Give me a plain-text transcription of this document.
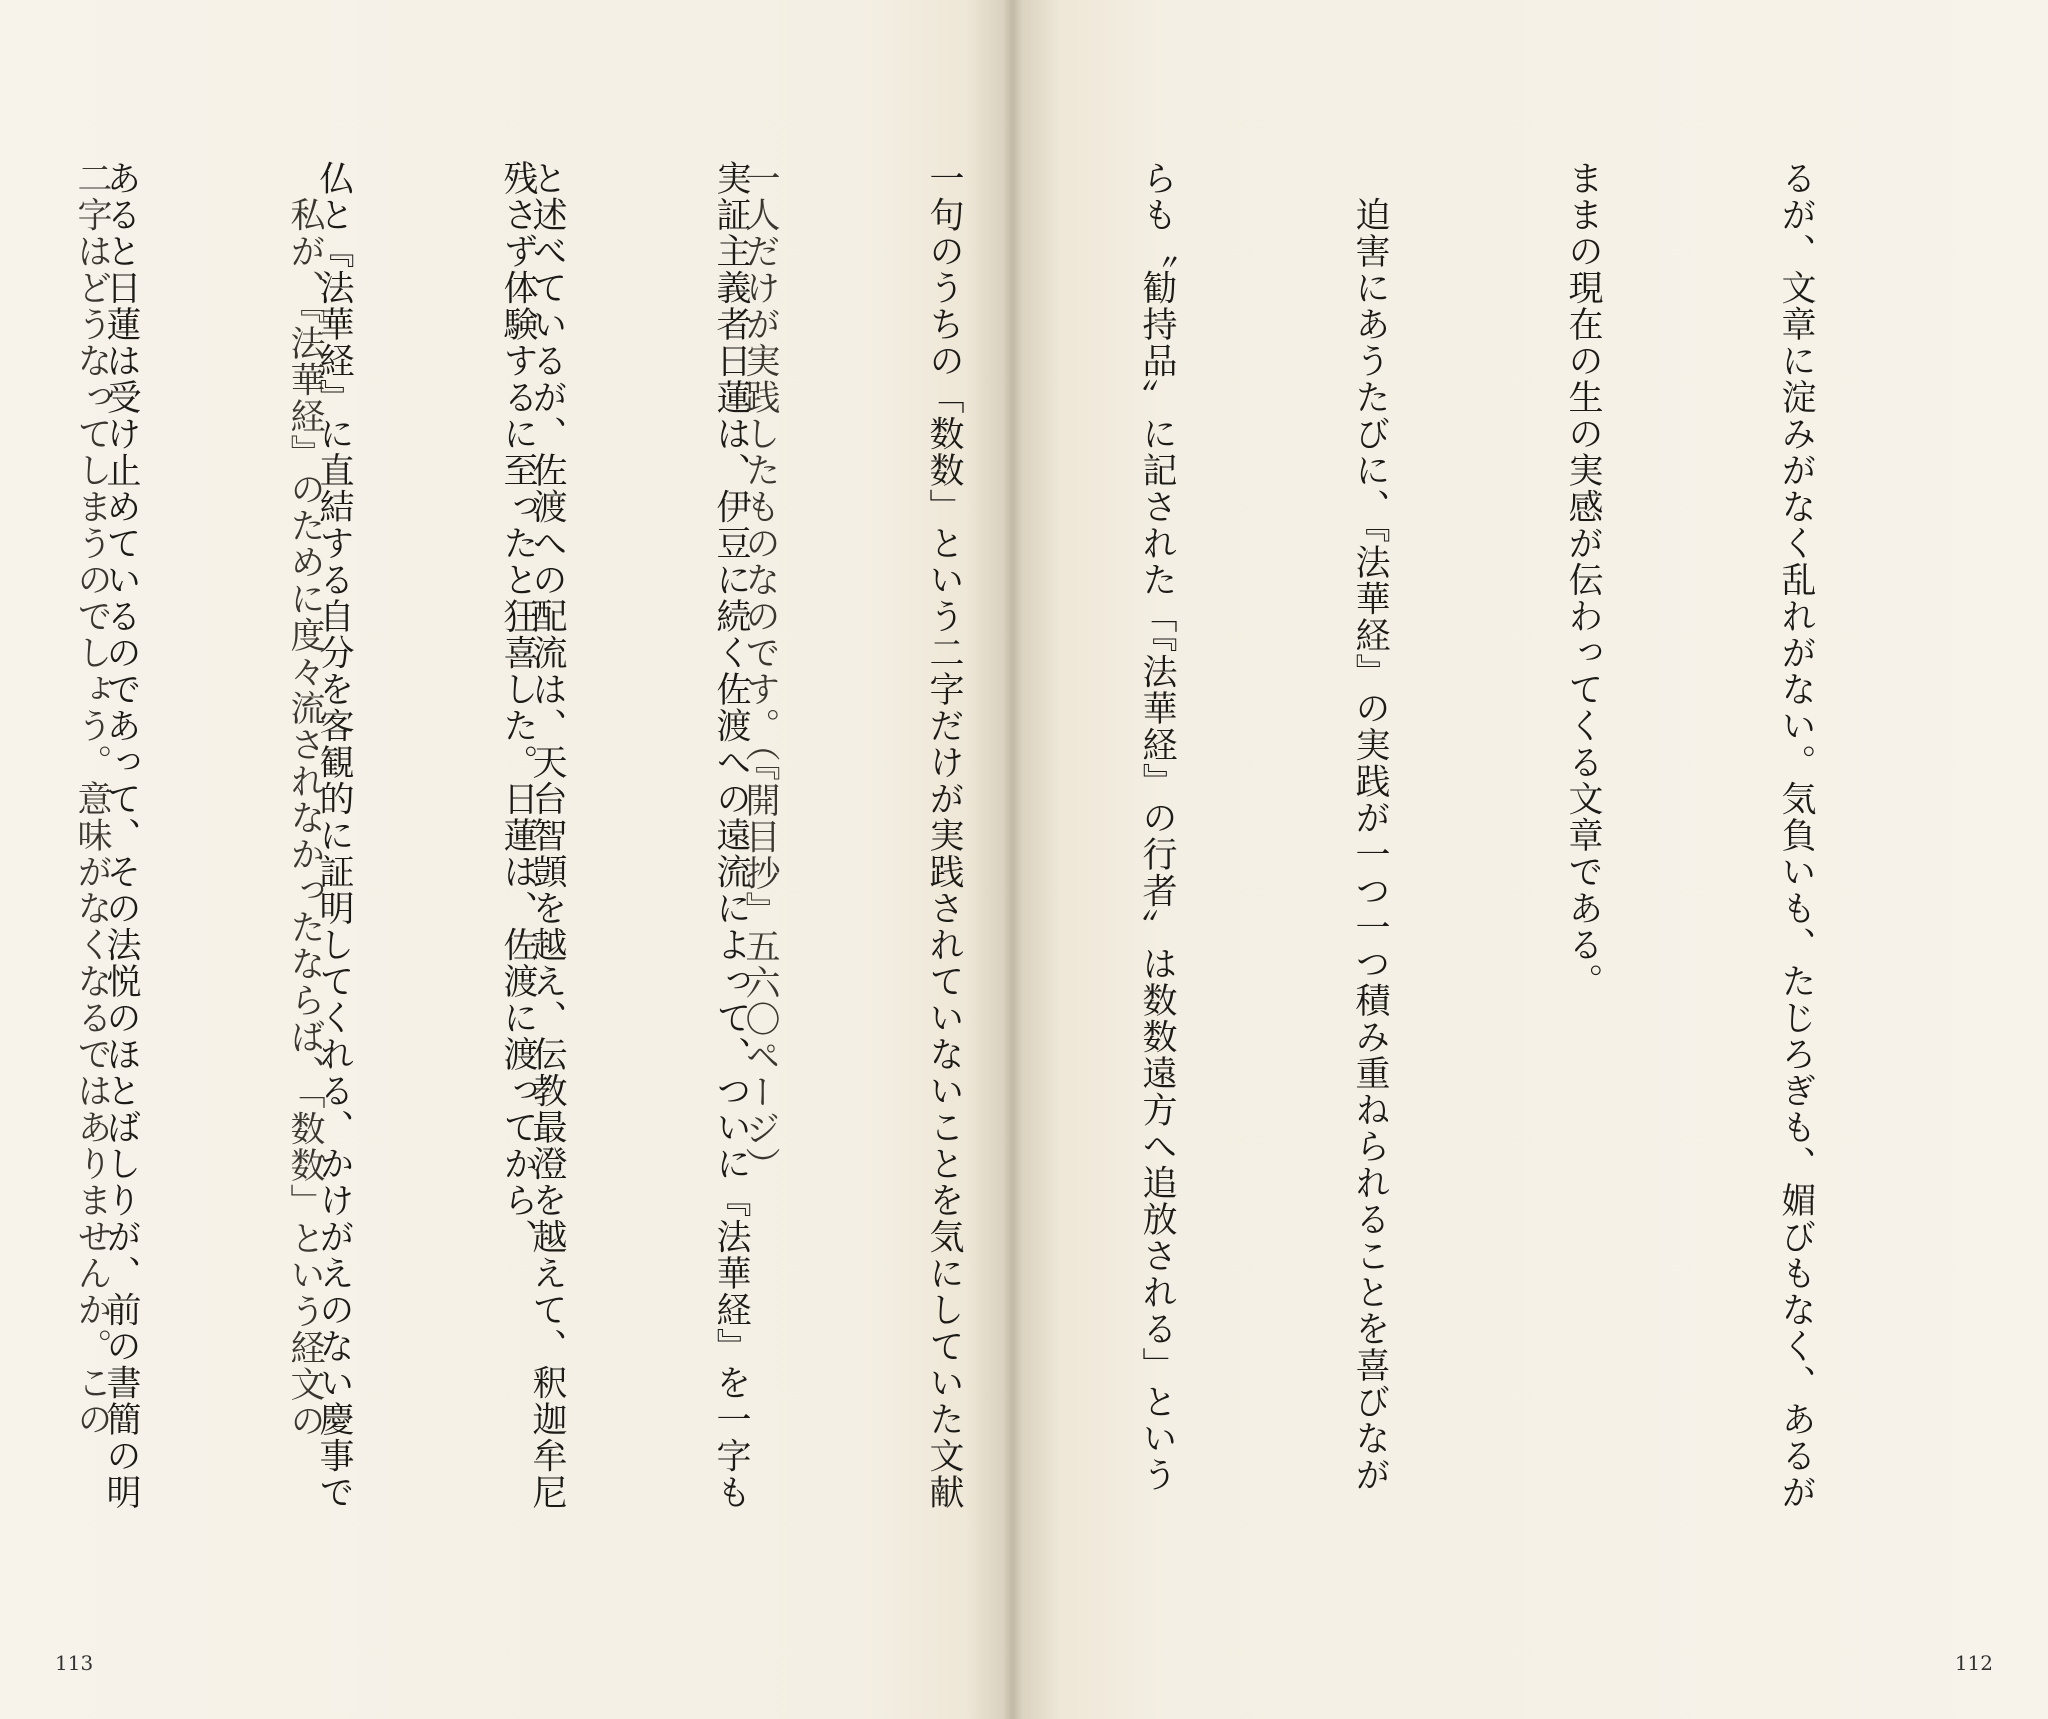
一人だけが実践したものなのです。（『開目抄』五六〇ページ）

と述べているが、佐渡への配流は、天台智顗を越え、伝教最澄を越えて、釈迦牟尼

仏と『法華経』に直結する自分を客観的に証明してくれる、かけがえのない慶事で

あると日蓮は受け止めているのであって、その法悦のほとばしりが、前の書簡の明

113

るが、文章に淀みがなく乱れがない。気負いも、たじろぎも、媚びもなく、あるが

ままの現在の生の実感が伝わってくる文章である。

　迫害にあうたびに、『法華経』の実践が一つ一つ積み重ねられることを喜びなが

らも〝勧持品〟に記された「『法華経』の行者〟は数数遠方へ追放される」という

一句のうちの「数数」という二字だけが実践されていないことを気にしていた文献

実証主義者日蓮は、伊豆に続く佐渡への遠流によって、ついに『法華経』を一字も

残さず体験するに至ったと狂喜した。日蓮は、佐渡に渡ってから、

　私が、『法華経』のために度々流されなかったならば、「数数」という経文の

二字はどうなってしまうのでしょう。意味がなくなるではありませんか。この

112
